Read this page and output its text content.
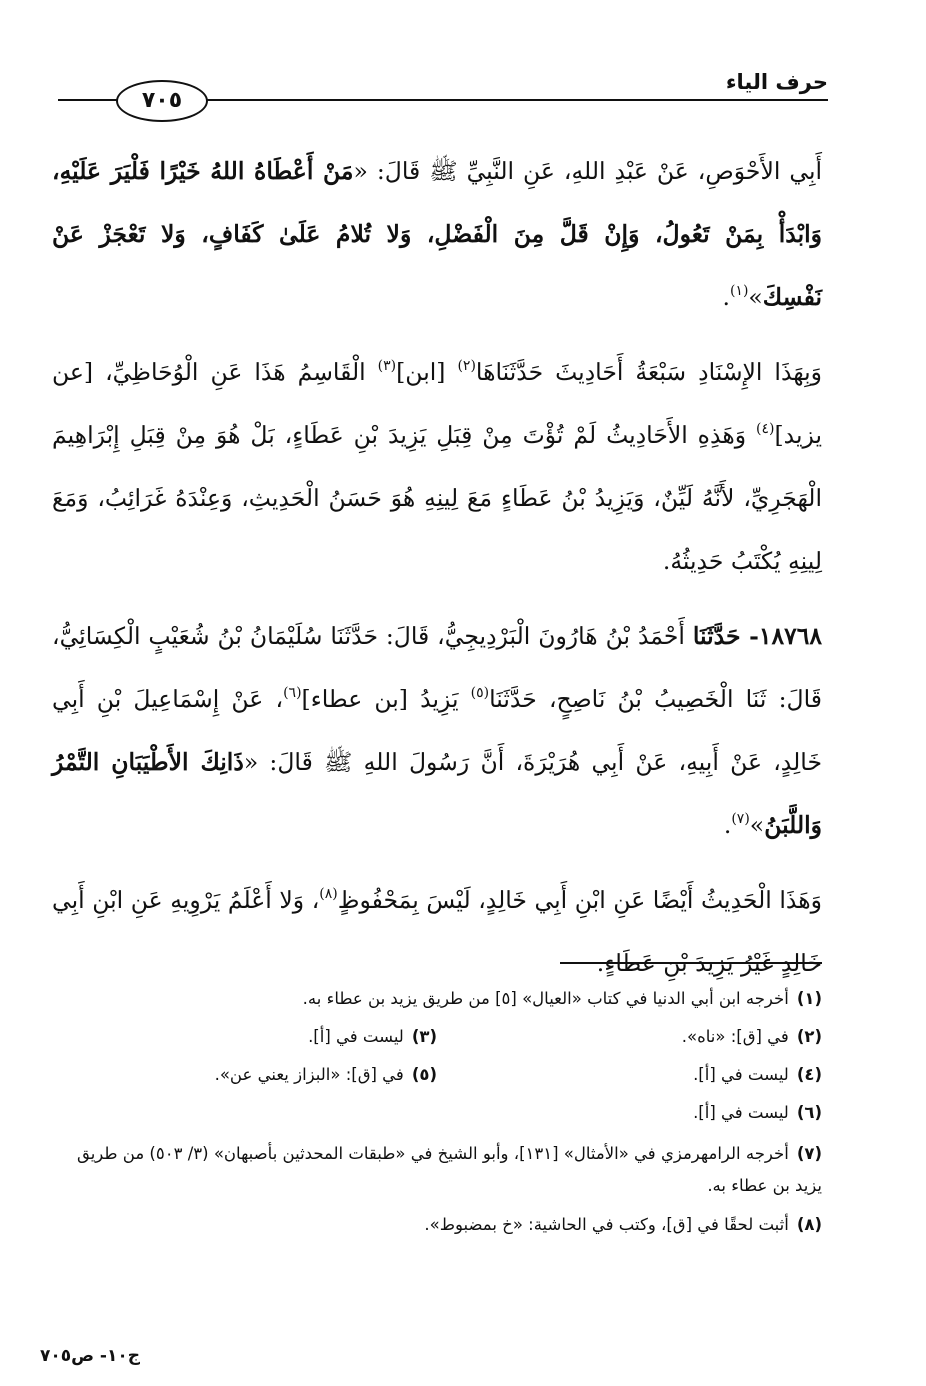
حرف الياء
٧٠٥

أَبِي الأَحْوَصِ، عَنْ عَبْدِ اللهِ، عَنِ النَّبِيِّ ﷺ قَالَ: «مَنْ أَعْطَاهُ اللهُ خَيْرًا فَلْيَرَ عَلَيْهِ، وَابْدَأْ بِمَنْ تَعُولُ، وَإِنْ قَلَّ مِنَ الْفَضْلِ، وَلا تُلامُ عَلَىٰ كَفَافٍ، وَلا تَعْجَزْ عَنْ نَفْسِكَ»$^{(١)}$.

وَبِهَذَا الإِسْنَادِ سَبْعَةُ أَحَادِيثَ حَدَّثَنَاهَا$^{(٢)}$ [ابن]$^{(٣)}$ الْقَاسِمُ هَذَا عَنِ الْوُحَاظِيِّ، [عن يزيد]$^{(٤)}$ وَهَذِهِ الأَحَادِيثُ لَمْ تُؤْتَ مِنْ قِبَلِ يَزِيدَ بْنِ عَطَاءٍ، بَلْ هُوَ مِنْ قِبَلِ إِبْرَاهِيمَ الْهَجَرِيِّ، لأَنَّهُ لَيِّنٌ، وَيَزِيدُ بْنُ عَطَاءٍ مَعَ لِينِهِ هُوَ حَسَنُ الْحَدِيثِ، وَعِنْدَهُ غَرَائِبُ، وَمَعَ لِينِهِ يُكْتَبُ حَدِيثُهُ.

١٨٧٦٨- حَدَّثَنَا أَحْمَدُ بْنُ هَارُونَ الْبَرْدِيجِيُّ، قَالَ: حَدَّثَنَا سُلَيْمَانُ بْنُ شُعَيْبٍ الْكِسَائِيُّ، قَالَ: ثَنَا الْخَصِيبُ بْنُ نَاصِحٍ، حَدَّثَنَا$^{(٥)}$ يَزِيدُ [بن عطاء]$^{(٦)}$، عَنْ إِسْمَاعِيلَ بْنِ أَبِي خَالِدٍ، عَنْ أَبِيهِ، عَنْ أَبِي هُرَيْرَةَ، أَنَّ رَسُولَ اللهِ ﷺ قَالَ: «ذَانِكَ الأَطْيَبَانِ التَّمْرُ وَاللَّبَنُ»$^{(٧)}$.

وَهَذَا الْحَدِيثُ أَيْضًا عَنِ ابْنِ أَبِي خَالِدٍ، لَيْسَ بِمَحْفُوظٍ$^{(٨)}$، وَلا أَعْلَمُ يَرْوِيهِ عَنِ ابْنِ أَبِي خَالِدٍ غَيْرُ يَزِيدَ بْنِ عَطَاءٍ.

(١)أخرجه ابن أبي الدنيا في كتاب «العيال» [٥] من طريق يزيد بن عطاء به.
(٢)في [ق]: «ناه».
(٣)ليست في [أ].
(٤)ليست في [أ].
(٥)في [ق]: «البزاز يعني عن».
(٦)ليست في [أ].
(٧)أخرجه الرامهرمزي في «الأمثال» [١٣١]، وأبو الشيخ في «طبقات المحدثين بأصبهان» (٣/ ٥٠٣) من طريق يزيد بن عطاء به.
(٨)أثبت لحقًا في [ق]، وكتب في الحاشية: «خ بمضبوط».
ج١٠- ص٧٠٥
